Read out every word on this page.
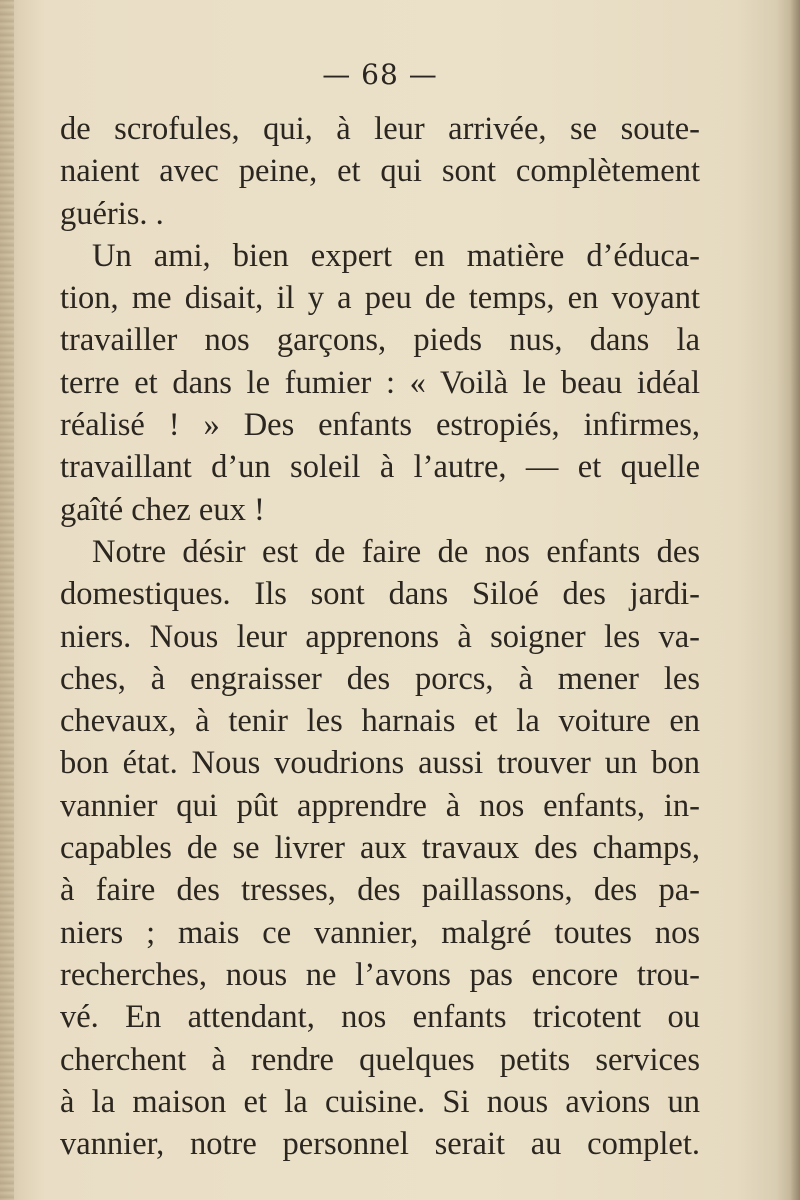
— 68 —
de scrofules, qui, à leur arrivée, se soute-
naient avec peine, et qui sont complètement
guéris. .
Un ami, bien expert en matière d’éduca-
tion, me disait, il y a peu de temps, en voyant
travailler nos garçons, pieds nus, dans la
terre et dans le fumier : « Voilà le beau idéal
réalisé ! » Des enfants estropiés, infirmes,
travaillant d’un soleil à l’autre, — et quelle
gaîté chez eux !
Notre désir est de faire de nos enfants des
domestiques. Ils sont dans Siloé des jardi-
niers. Nous leur apprenons à soigner les va-
ches, à engraisser des porcs, à mener les
chevaux, à tenir les harnais et la voiture en
bon état. Nous voudrions aussi trouver un bon
vannier qui pût apprendre à nos enfants, in-
capables de se livrer aux travaux des champs,
à faire des tresses, des paillassons, des pa-
niers ; mais ce vannier, malgré toutes nos
recherches, nous ne l’avons pas encore trou-
vé. En attendant, nos enfants tricotent ou
cherchent à rendre quelques petits services
à la maison et la cuisine. Si nous avions un
vannier, notre personnel serait au complet.
